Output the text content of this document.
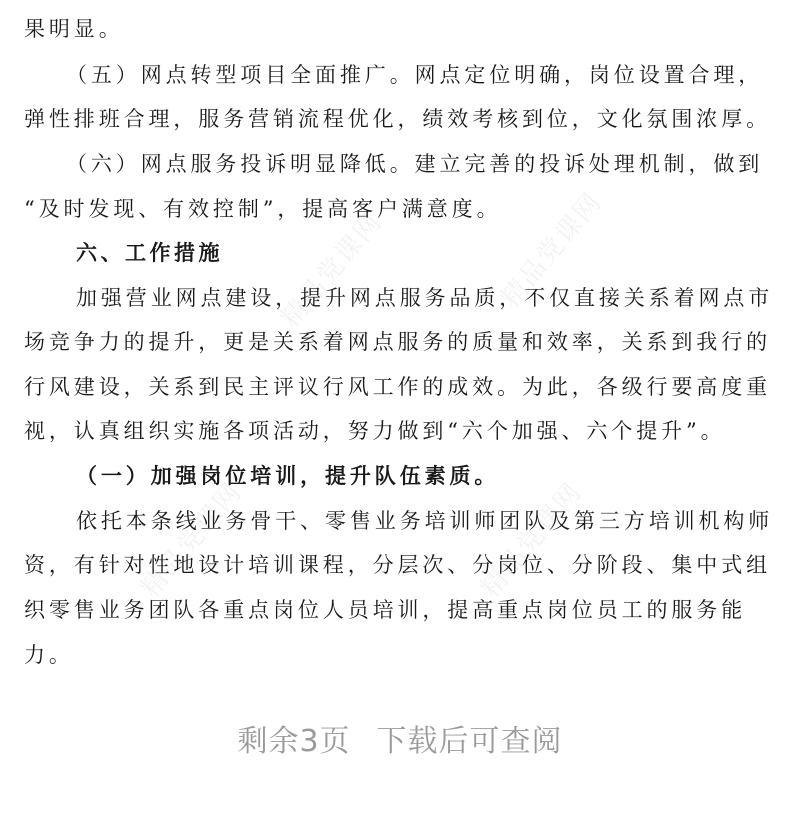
精品党课网	精品党课网
精品党课网	精品党课网
果明显。
（五）网点转型项目全面推广。网点定位明确，岗位设置合理，
弹性排班合理，服务营销流程优化，绩效考核到位，文化氛围浓厚。
（六）网点服务投诉明显降低。建立完善的投诉处理机制，做到
“及时发现、有效控制”，提高客户满意度。
六、工作措施
加强营业网点建设，提升网点服务品质，不仅直接关系着网点市
场竞争力的提升，更是关系着网点服务的质量和效率，关系到我行的
行风建设，关系到民主评议行风工作的成效。为此，各级行要高度重
视，认真组织实施各项活动，努力做到“六个加强、六个提升”。
（一）加强岗位培训，提升队伍素质。
依托本条线业务骨干、零售业务培训师团队及第三方培训机构师
资，有针对性地设计培训课程，分层次、分岗位、分阶段、集中式组
织零售业务团队各重点岗位人员培训，提高重点岗位员工的服务能
力。
剩余3页 下载后可查阅
